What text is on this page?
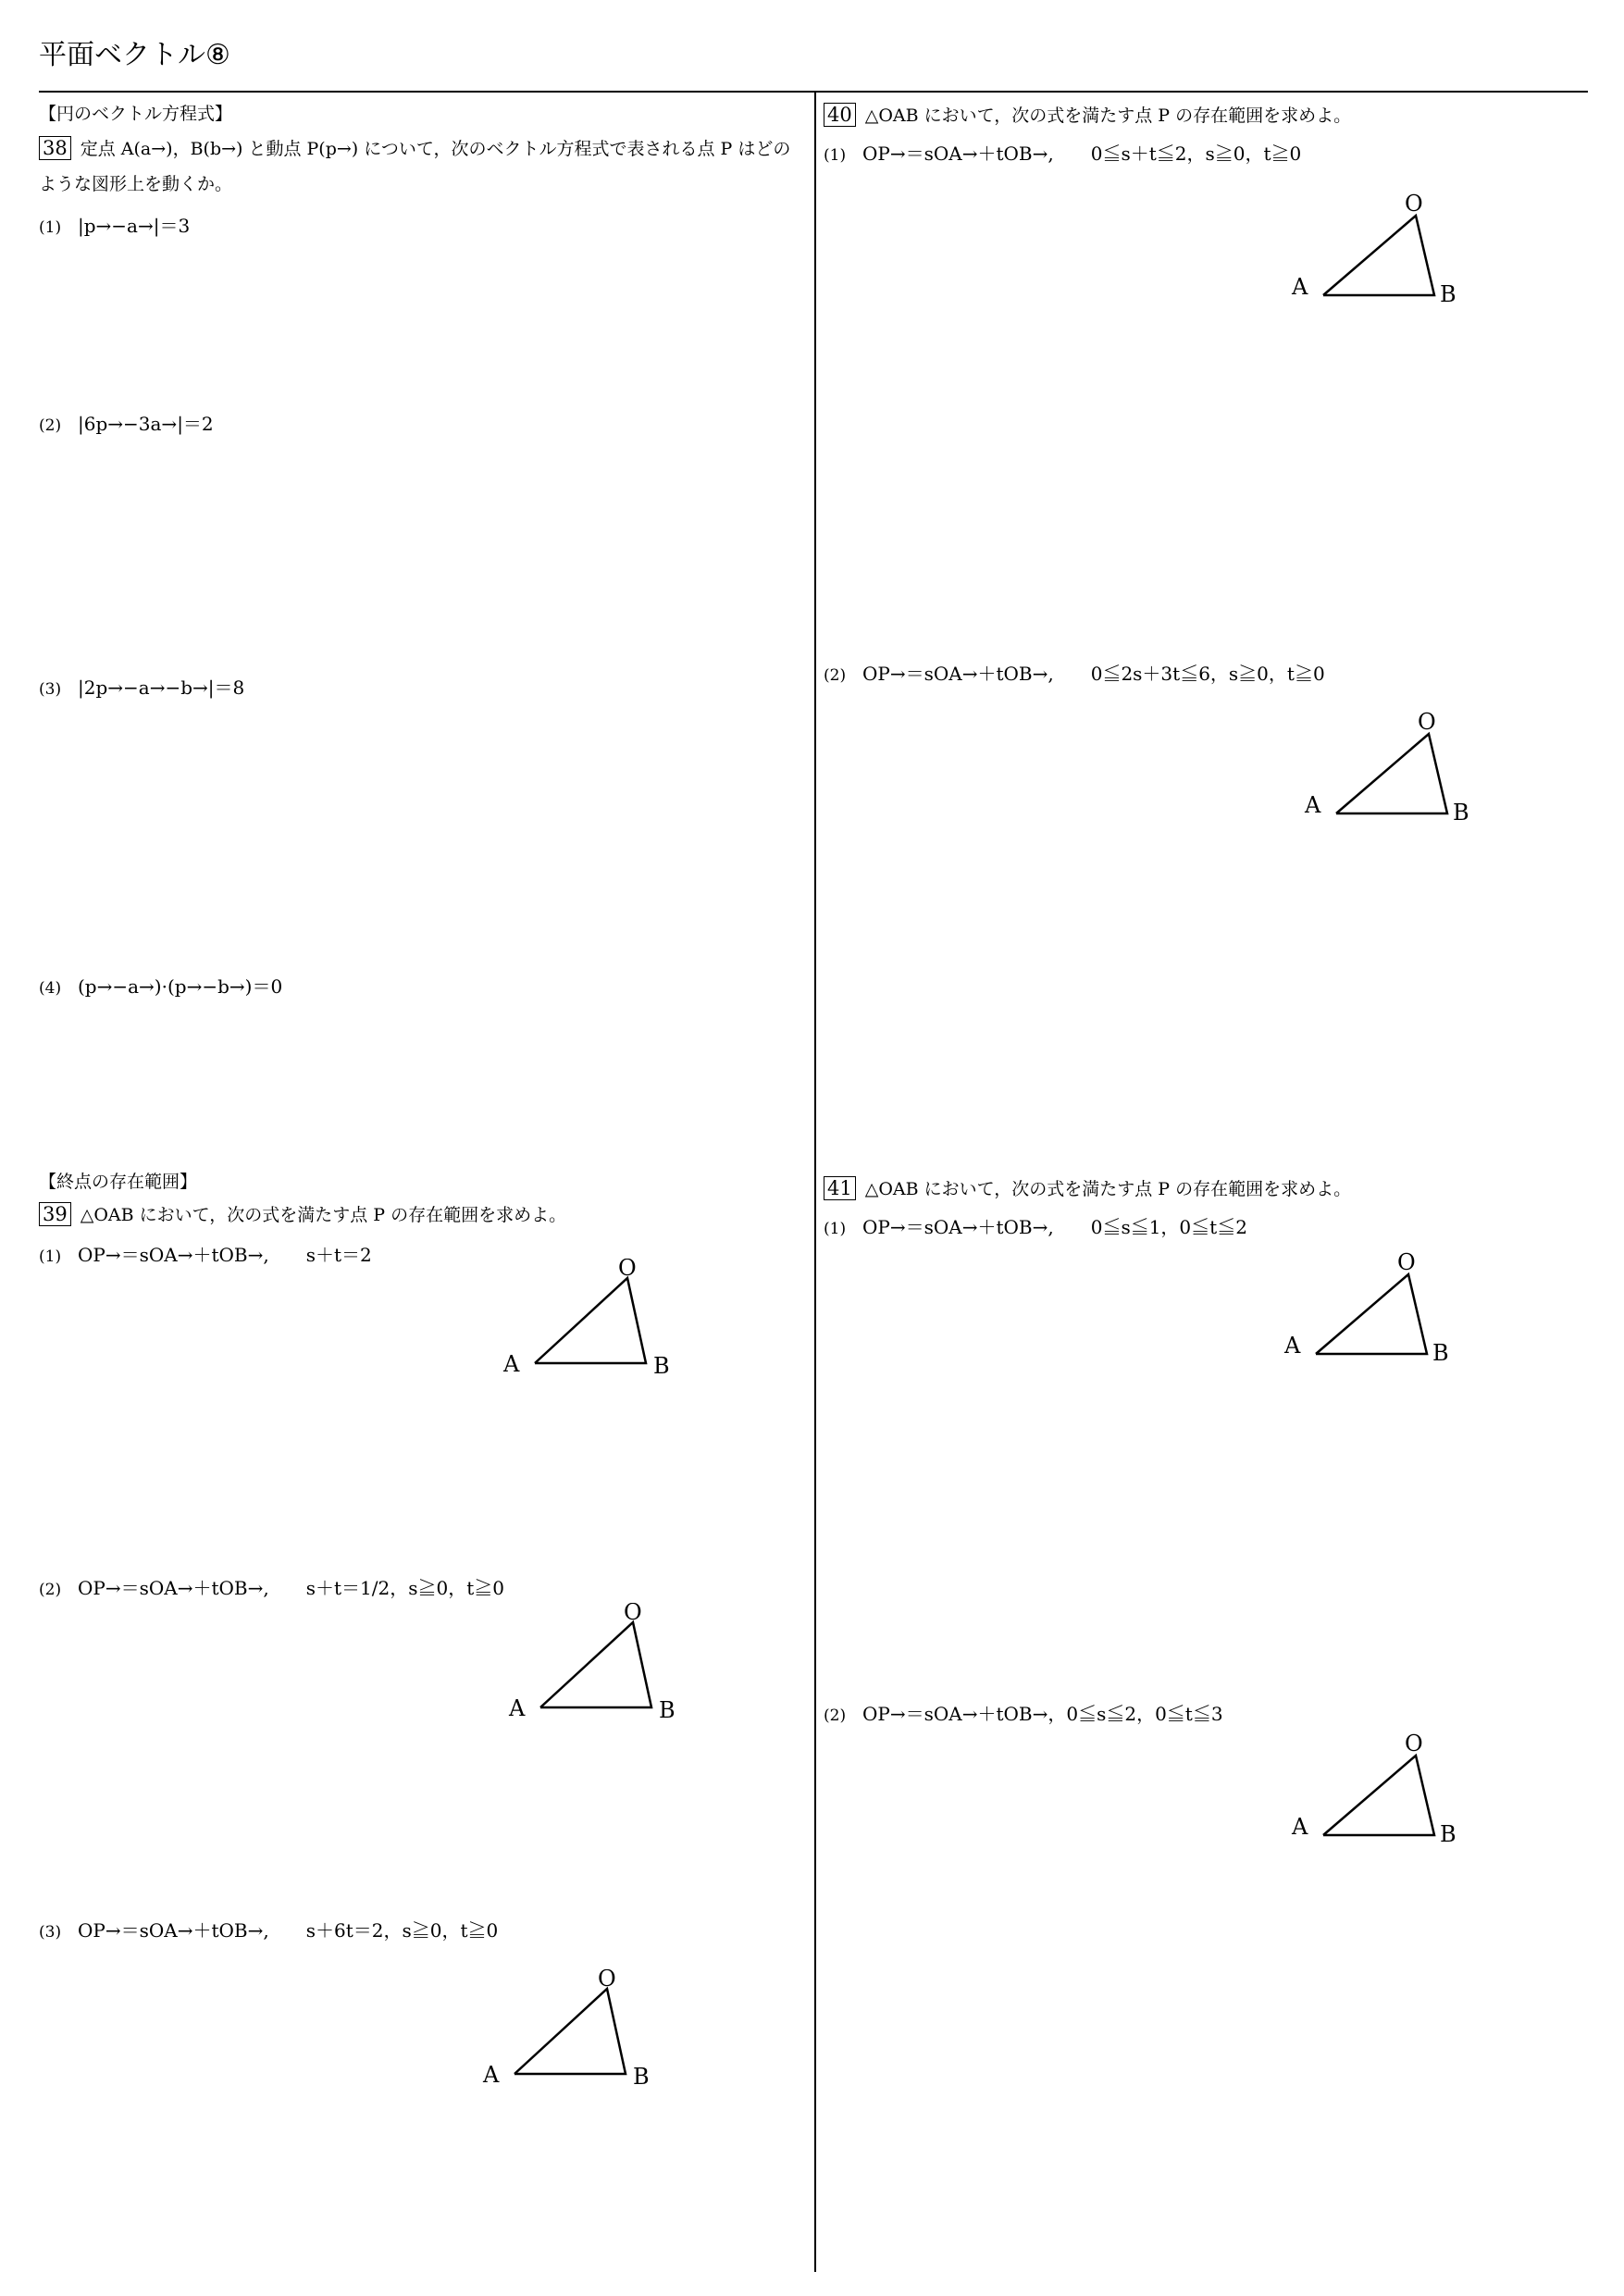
平面ベクトル⑧
【円のベクトル方程式】
38 定点 A(a→)，B(b→) と動点 P(p→) について，次のベクトル方程式で表される点 P はどの
ような図形上を動くか。
(1) |p→−a→|＝3
(2) |6p→−3a→|＝2
(3) |2p→−a→−b→|＝8
(4) (p→−a→)·(p→−b→)＝0
【終点の存在範囲】
39 △OAB において，次の式を満たす点 P の存在範囲を求めよ。
(1) OP→＝sOA→＋tOB→,　　s＋t＝2	O
A	B
(2) OP→＝sOA→＋tOB→,　　s＋t＝1/2，s≧0，t≧0
O
A	B
(3) OP→＝sOA→＋tOB→,　　s＋6t＝2，s≧0，t≧0
O
A	B
40 △OAB において，次の式を満たす点 P の存在範囲を求めよ。
(1) OP→＝sOA→＋tOB→,　　0≦s＋t≦2，s≧0，t≧0
O
A	B
(2) OP→＝sOA→＋tOB→,　　0≦2s＋3t≦6，s≧0，t≧0
O
A	B
41 △OAB において，次の式を満たす点 P の存在範囲を求めよ。
(1) OP→＝sOA→＋tOB→,　　0≦s≦1，0≦t≦2
O
A	B
(2) OP→＝sOA→＋tOB→，0≦s≦2，0≦t≦3
O
A	B
